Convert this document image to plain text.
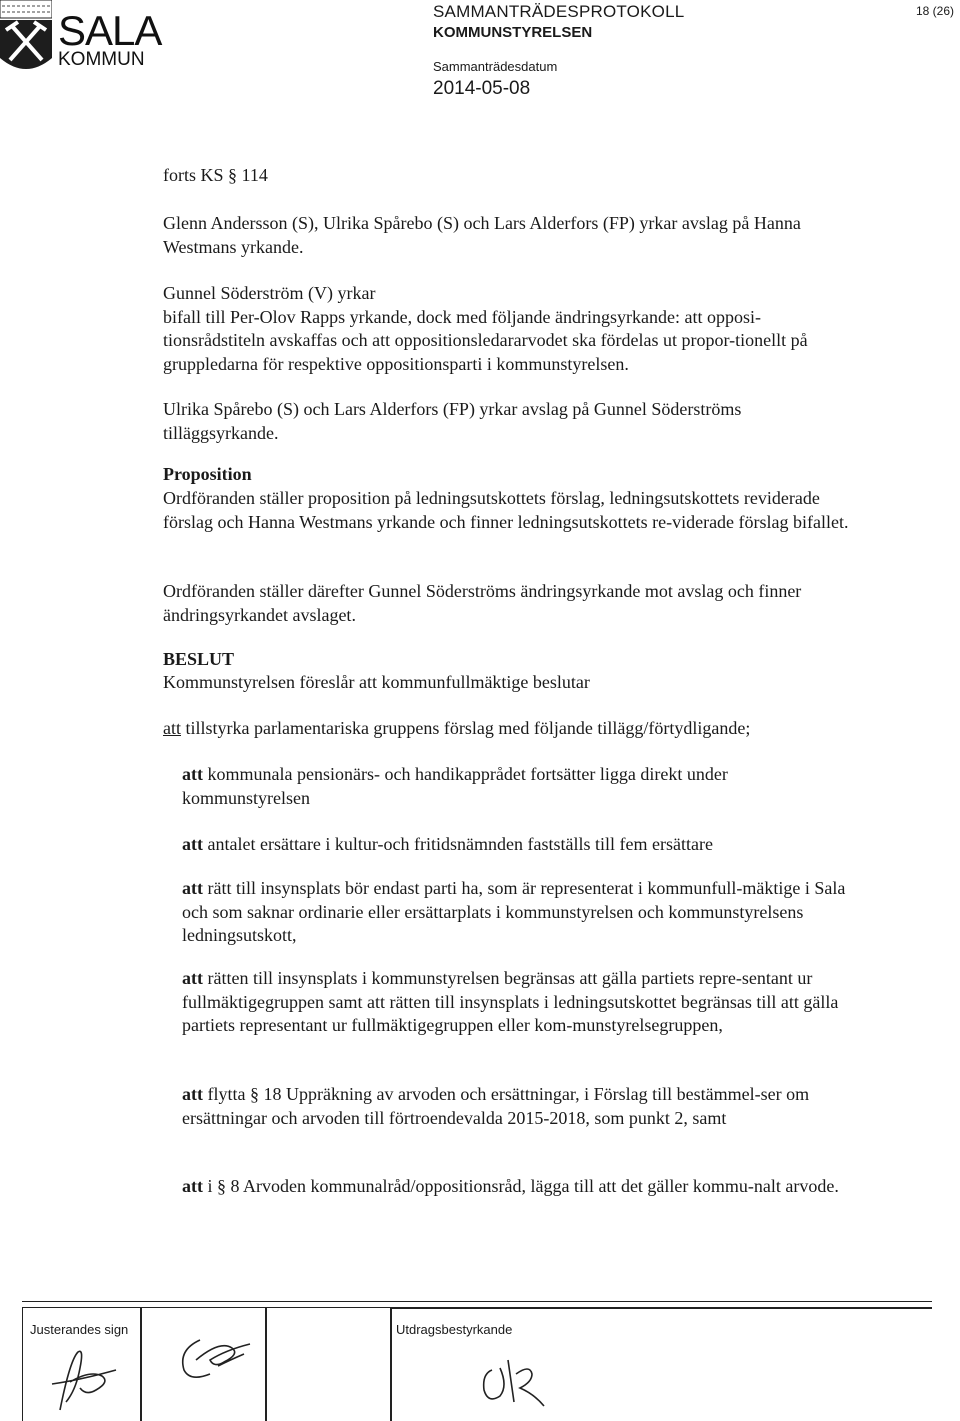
SALA
KOMMUN
SAMMANTRÄDESPROTOKOLL
KOMMUNSTYRELSEN
Sammanträdesdatum
2014-05-08
18 (26)
forts KS § 114
Glenn Andersson (S), Ulrika Spårebo (S) och Lars Alderfors (FP) yrkar avslag på Hanna Westmans yrkande.
Gunnel Söderström (V) yrkar
bifall till Per-Olov Rapps yrkande, dock med följande ändringsyrkande: att opposi-tionsrådstiteln avskaffas och att oppositionsledararvodet ska fördelas ut propor-tionellt på gruppledarna för respektive oppositionsparti i kommunstyrelsen.
Ulrika Spårebo (S) och Lars Alderfors (FP) yrkar avslag på Gunnel Söderströms tilläggsyrkande.
Proposition
Ordföranden ställer proposition på ledningsutskottets förslag, ledningsutskottets reviderade förslag och Hanna Westmans yrkande och finner ledningsutskottets re-viderade förslag bifallet.
Ordföranden ställer därefter Gunnel Söderströms ändringsyrkande mot avslag och finner ändringsyrkandet avslaget.
BESLUT
Kommunstyrelsen föreslår att kommunfullmäktige beslutar
att tillstyrka parlamentariska gruppens förslag med följande tillägg/förtydligande;
att kommunala pensionärs- och handikapprådet fortsätter ligga direkt under kommunstyrelsen
att antalet ersättare i kultur-och fritidsnämnden fastställs till fem ersättare
att rätt till insynsplats bör endast parti ha, som är representerat i kommunfull-mäktige i Sala och som saknar ordinarie eller ersättarplats i kommunstyrelsen och kommunstyrelsens ledningsutskott,
att rätten till insynsplats i kommunstyrelsen begränsas att gälla partiets repre-sentant ur fullmäktigegruppen samt att rätten till insynsplats i ledningsutskottet begränsas till att gälla partiets representant ur fullmäktigegruppen eller kom-munstyrelsegruppen,
att flytta § 18 Uppräkning av arvoden och ersättningar, i Förslag till bestämmel-ser om ersättningar och arvoden till förtroendevalda 2015-2018, som punkt 2, samt
att i § 8 Arvoden kommunalråd/oppositionsråd, lägga till att det gäller kommu-nalt arvode.
Justerandes sign	Utdragsbestyrkande
